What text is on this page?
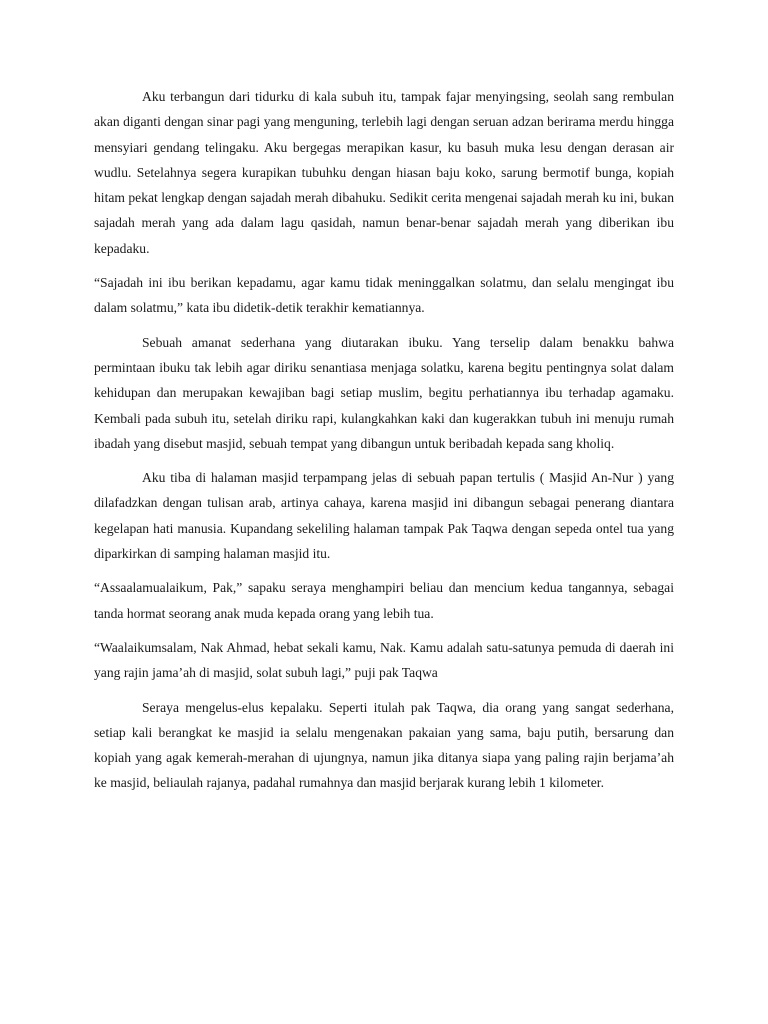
Aku terbangun dari tidurku di kala subuh itu, tampak fajar menyingsing, seolah sang rembulan akan diganti dengan sinar pagi yang menguning, terlebih lagi dengan seruan adzan berirama merdu hingga mensyiari gendang telingaku. Aku bergegas merapikan kasur, ku basuh muka lesu dengan derasan air wudlu. Setelahnya segera kurapikan tubuhku dengan hiasan baju koko, sarung bermotif bunga, kopiah hitam pekat lengkap dengan sajadah merah dibahuku. Sedikit cerita mengenai sajadah merah ku ini, bukan sajadah merah yang ada dalam lagu qasidah, namun benar-benar sajadah merah yang diberikan ibu kepadaku.

“Sajadah ini ibu berikan kepadamu, agar kamu tidak meninggalkan solatmu, dan selalu mengingat ibu dalam solatmu,” kata ibu didetik-detik terakhir kematiannya.

Sebuah amanat sederhana yang diutarakan ibuku. Yang terselip dalam benakku bahwa permintaan ibuku tak lebih agar diriku senantiasa menjaga solatku, karena begitu pentingnya solat dalam kehidupan dan merupakan kewajiban bagi setiap muslim, begitu perhatiannya ibu terhadap agamaku. Kembali pada subuh itu, setelah diriku rapi, kulangkahkan kaki dan kugerakkan tubuh ini menuju rumah ibadah yang disebut masjid, sebuah tempat yang dibangun untuk beribadah kepada sang kholiq.

Aku tiba di halaman masjid terpampang jelas di sebuah papan tertulis ( Masjid An-Nur ) yang dilafadzkan dengan tulisan arab, artinya cahaya, karena masjid ini dibangun sebagai penerang diantara kegelapan hati manusia. Kupandang sekeliling halaman tampak Pak Taqwa dengan sepeda ontel tua yang diparkirkan di samping halaman masjid itu.

“Assaalamualaikum, Pak,” sapaku seraya menghampiri beliau dan mencium kedua tangannya, sebagai tanda hormat seorang anak muda kepada orang yang lebih tua.

“Waalaikumsalam, Nak Ahmad, hebat sekali kamu, Nak. Kamu adalah satu-satunya pemuda di daerah ini yang rajin jama’ah di masjid, solat subuh lagi,” puji pak Taqwa

Seraya mengelus-elus kepalaku. Seperti itulah pak Taqwa, dia orang yang sangat sederhana, setiap kali berangkat ke masjid ia selalu mengenakan pakaian yang sama, baju putih, bersarung dan kopiah yang agak kemerah-merahan di ujungnya, namun jika ditanya siapa yang paling rajin berjama’ah ke masjid, beliaulah rajanya, padahal rumahnya dan masjid berjarak kurang lebih 1 kilometer.
